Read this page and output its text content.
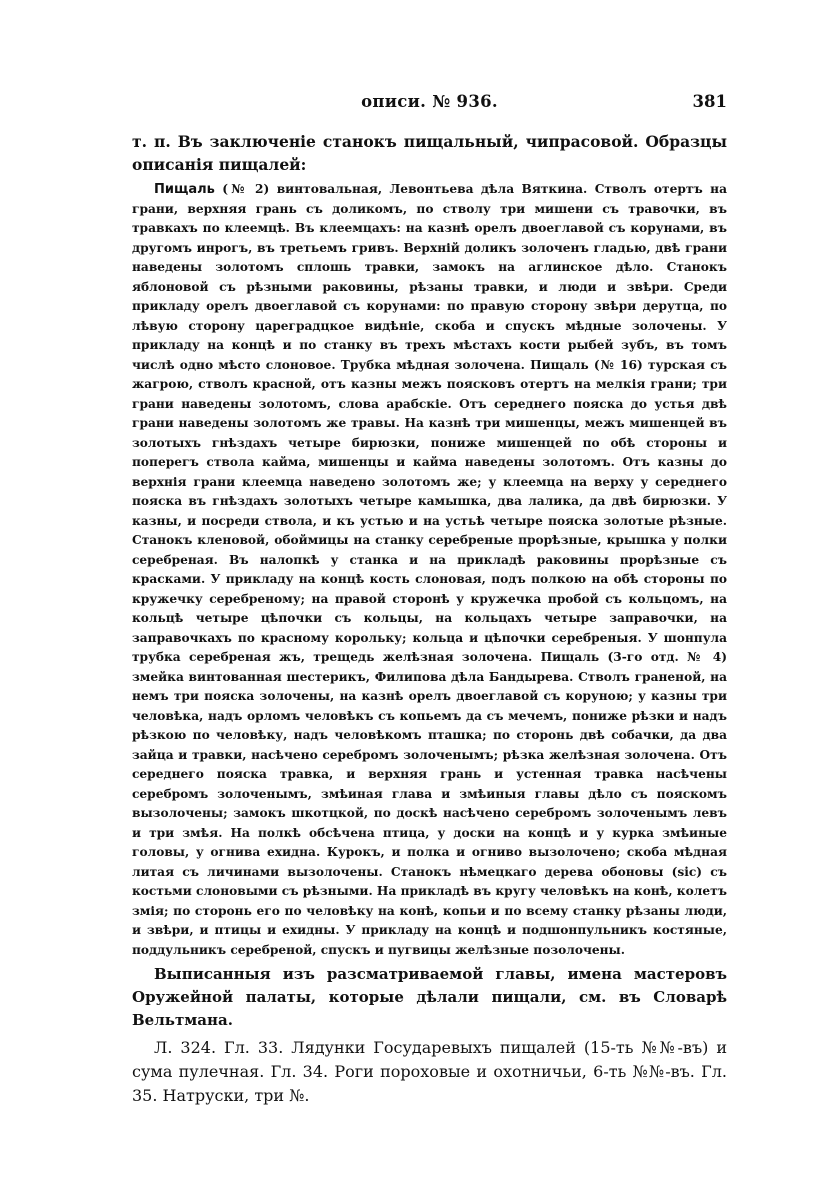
описи. № 936.	381

т. п. Въ заключеніе станокъ пищальный, чипрасовой. Образцы описанія пищалей:

Пищаль (№ 2) винтовальная, Левонтьева дѣла Вяткина. Стволъ отертъ на грани, верхняя грань съ доликомъ, по стволу три мишени съ травочки, въ травкахъ по клеемцѣ. Въ клеемцахъ: на казнѣ орелъ двоеглавой съ корунами, въ другомъ инрогъ, въ третьемъ гривъ. Верхній доликъ золоченъ гладью, двѣ грани наведены золотомъ сплошь травки, замокъ на аглинское дѣло. Станокъ яблоновой съ рѣзными раковины, рѣзаны травки, и люди и звѣри. Среди прикладу орелъ двоеглавой съ корунами: по правую сторону звѣри дерутца, по лѣвую сторону цареградцкое видѣніе, скоба и спускъ мѣдные золочены. У прикладу на концѣ и по станку въ трехъ мѣстахъ кости рыбей зубъ, въ томъ числѣ одно мѣсто слоновое. Трубка мѣдная золочена. Пищаль (№ 16) турская съ жагрою, стволъ красной, отъ казны межъ поясковъ отертъ на мелкія грани; три грани наведены золотомъ, слова арабскіе. Отъ середнего пояска до устья двѣ грани наведены золотомъ же травы. На казнѣ три мишенцы, межъ мишенцей въ золотыхъ гнѣздахъ четыре бирюзки, пониже мишенцей по обѣ стороны и поперегъ ствола кайма, мишенцы и кайма наведены золотомъ. Отъ казны до верхнія грани клеемца наведено золотомъ же; у клеемца на верху у середнего пояска въ гнѣздахъ золотыхъ четыре камышка, два лалика, да двѣ бирюзки. У казны, и посреди ствола, и къ устью и на устьѣ четыре пояска золотые рѣзные. Станокъ кленовой, обоймицы на станку серебреные прорѣзные, крышка у полки серебреная. Въ налопкѣ у станка и на прикладѣ раковины прорѣзные съ красками. У прикладу на концѣ кость слоновая, подъ полкою на обѣ стороны по кружечку серебреному; на правой сторонѣ у кружечка пробой съ кольцомъ, на кольцѣ четыре цѣпочки съ кольцы, на кольцахъ четыре заправочки, на заправочкахъ по красному корольку; кольца и цѣпочки серебреныя. У шонпула трубка серебреная жъ, трещедь желѣзная золочена. Пищаль (3-го отд. № 4) змейка винтованная шестерикъ, Филипова дѣла Бандырева. Стволъ граненой, на немъ три пояска золочены, на казнѣ орелъ двоеглавой съ коруною; у казны три человѣка, надъ орломъ человѣкъ съ копьемъ да съ мечемъ, пониже рѣзки и надъ рѣзкою по человѣку, надъ человѣкомъ пташка; по сторонь двѣ собачки, да два зайца и травки, насѣчено серебромъ золоченымъ; рѣзка желѣзная золочена. Отъ середнего пояска травка, и верхняя грань и устенная травка насѣчены серебромъ золоченымъ, змѣиная глава и змѣиныя главы дѣло съ пояскомъ вызолочены; замокъ шкотцкой, по доскѣ насѣчено серебромъ золоченымъ левъ и три змѣя. На полкѣ обсѣчена птица, у доски на концѣ и у курка змѣиные головы, у огнива ехидна. Курокъ, и полка и огниво вызолочено; скоба мѣдная литая съ личинами вызолочены. Станокъ нѣмецкаго дерева обоновы (sic) съ костьми слоновыми съ рѣзными. На прикладѣ въ кругу человѣкъ на конѣ, колетъ змія; по сторонь его по человѣку на конѣ, копьи и по всему станку рѣзаны люди, и звѣри, и птицы и ехидны. У прикладу на концѣ и подшонпульникъ костяные, поддульникъ серебреной, спускъ и пугвицы желѣзные позолочены.

Выписанныя изъ разсматриваемой главы, имена мастеровъ Оружейной палаты, которые дѣлали пищали, см. въ Словарѣ Вельтмана.

Л. 324. Гл. 33. Лядунки Государевыхъ пищалей (15-ть №№-въ) и сума пулечная. Гл. 34. Роги пороховые и охотничьи, 6-ть №№-въ. Гл. 35. Натруски, три №.
